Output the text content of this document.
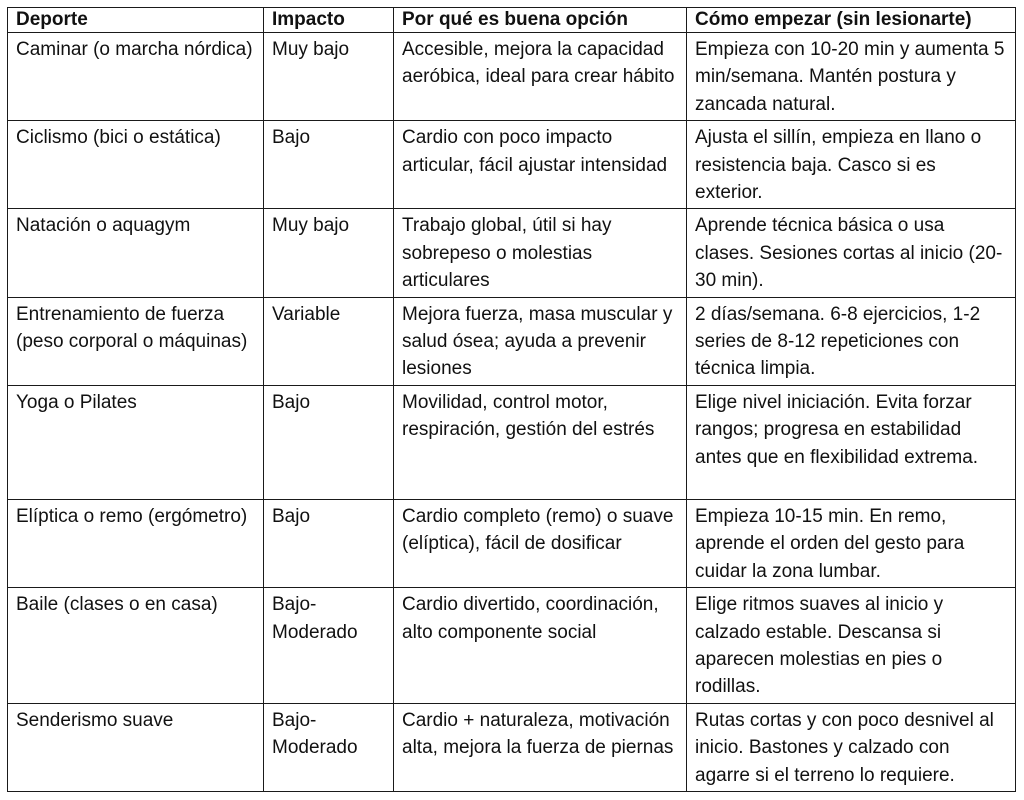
Deporte	Impacto	Por qué es buena opción	Cómo empezar (sin lesionarte)
Caminar (o marcha nórdica)	Muy bajo	Accesible, mejora la capacidad aeróbica, ideal para crear hábito	Empieza con 10-20 min y aumenta 5 min/semana. Mantén postura y zancada natural.
Ciclismo (bici o estática)	Bajo	Cardio con poco impacto articular, fácil ajustar intensidad	Ajusta el sillín, empieza en llano o resistencia baja. Casco si es exterior.
Natación o aquagym	Muy bajo	Trabajo global, útil si hay sobrepeso o molestias articulares	Aprende técnica básica o usa clases. Sesiones cortas al inicio (20-30 min).
Entrenamiento de fuerza (peso corporal o máquinas)	Variable	Mejora fuerza, masa muscular y salud ósea; ayuda a prevenir lesiones	2 días/semana. 6-8 ejercicios, 1-2 series de 8-12 repeticiones con técnica limpia.
Yoga o Pilates	Bajo	Movilidad, control motor, respiración, gestión del estrés	Elige nivel iniciación. Evita forzar rangos; progresa en estabilidad antes que en flexibilidad extrema.
Elíptica o remo (ergómetro)	Bajo	Cardio completo (remo) o suave (elíptica), fácil de dosificar	Empieza 10-15 min. En remo, aprende el orden del gesto para cuidar la zona lumbar.
Baile (clases o en casa)	Bajo-Moderado	Cardio divertido, coordinación, alto componente social	Elige ritmos suaves al inicio y calzado estable. Descansa si aparecen molestias en pies o rodillas.
Senderismo suave	Bajo-Moderado	Cardio + naturaleza, motivación alta, mejora la fuerza de piernas	Rutas cortas y con poco desnivel al inicio. Bastones y calzado con agarre si el terreno lo requiere.
